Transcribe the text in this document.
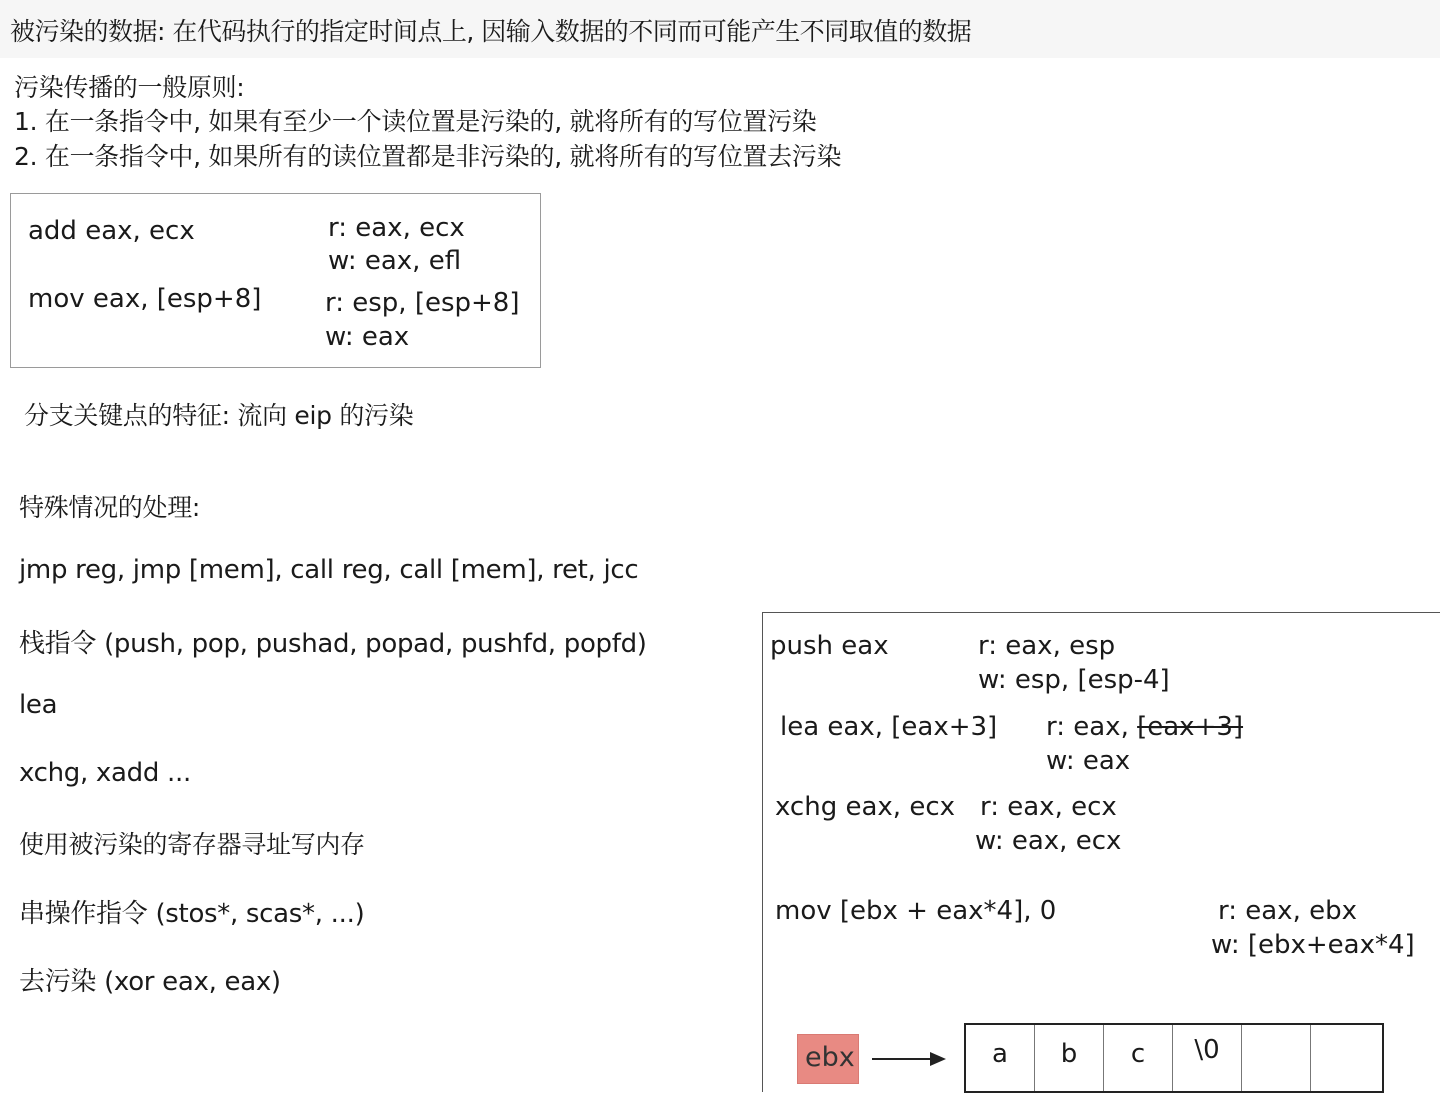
被污染的数据: 在代码执行的指定时间点上, 因输入数据的不同而可能产生不同取值的数据
污染传播的一般原则:
1. 在一条指令中, 如果有至少一个读位置是污染的, 就将所有的写位置污染
2. 在一条指令中, 如果所有的读位置都是非污染的, 就将所有的写位置去污染
add eax, ecx	r: eax, ecx
w: eax, efl
mov eax, [esp+8] r: esp, [esp+8]
w: eax
分支关键点的特征: 流向 eip 的污染
特殊情况的处理:
jmp reg, jmp [mem], call reg, call [mem], ret, jcc
栈指令 (push, pop, pushad, popad, pushfd, popfd)
lea
xchg, xadd ...
使用被污染的寄存器寻址写内存
串操作指令 (stos*, scas*, ...)
去污染 (xor eax, eax)
push eax	r: eax, esp
w: esp, [esp-4]
lea eax, [eax+3] r: eax, [eax+3]
w: eax
xchg eax, ecx r: eax, ecx
w: eax, ecx
mov [ebx + eax*4], 0	r: eax, ebx
w: [ebx+eax*4]
ebx	a	b	c	\0
